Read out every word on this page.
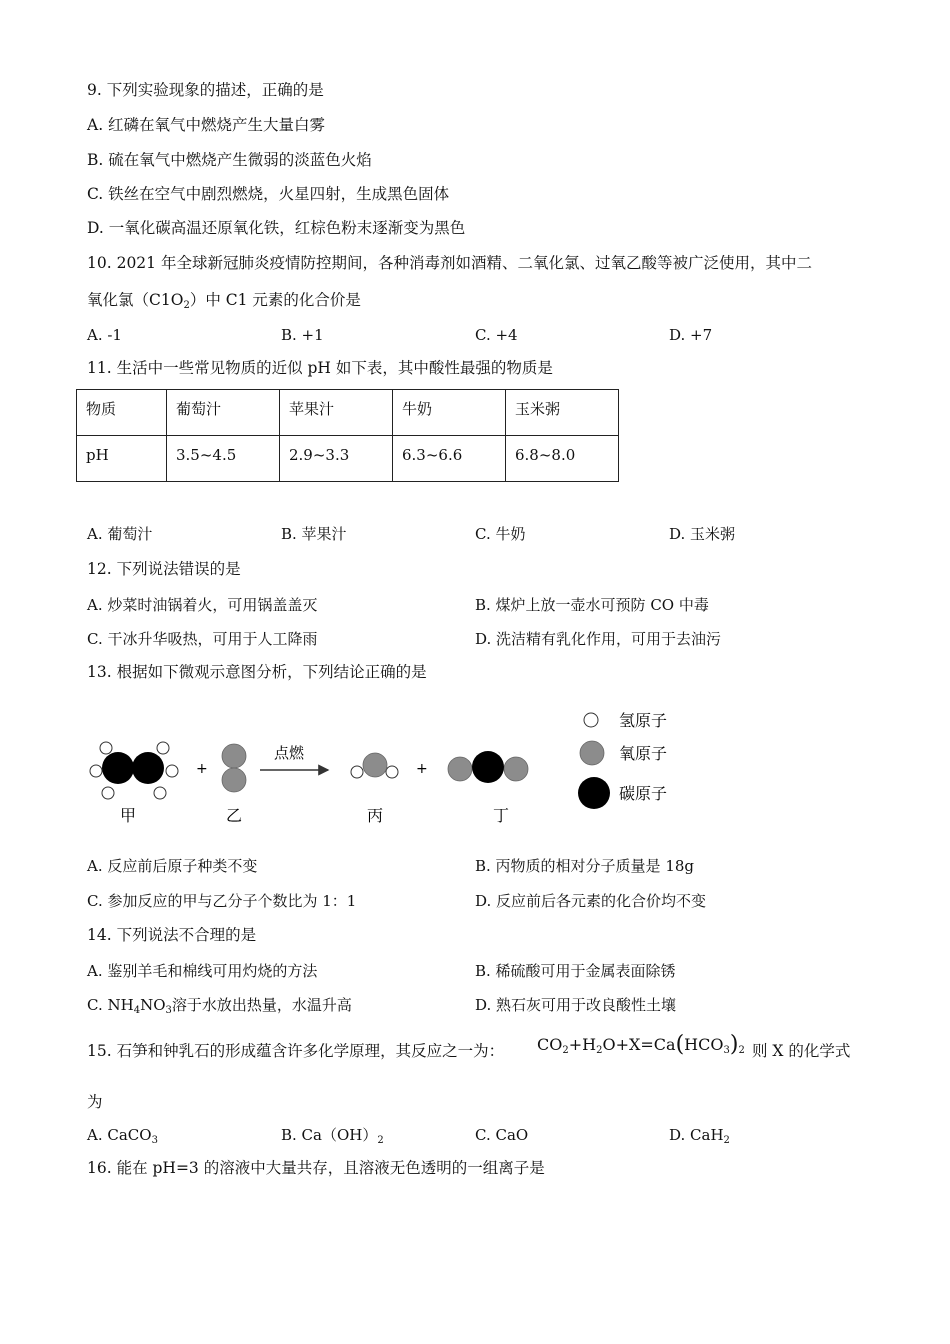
9. 下列实验现象的描述，正确的是
A. 红磷在氧气中燃烧产生大量白雾
B. 硫在氧气中燃烧产生微弱的淡蓝色火焰
C. 铁丝在空气中剧烈燃烧，火星四射，生成黑色固体
D. 一氧化碳高温还原氧化铁，红棕色粉末逐渐变为黑色
10. 2021 年全球新冠肺炎疫情防控期间，各种消毒剂如酒精、二氧化氯、过氧乙酸等被广泛使用，其中二
氧化氯$(C1O_2)$中 C1 元素的化合价是
A. -1	B. +1	C. +4	D. +7
11. 生活中一些常见物质的近似 pH 如下表，其中酸性最强的物质是
物质	葡萄汁	苹果汁	牛奶	玉米粥
pH	3.5~4.5	2.9~3.3	6.3~6.6	6.8~8.0
A. 葡萄汁	B. 苹果汁	C. 牛奶	D. 玉米粥
12. 下列说法错误的是
A. 炒菜时油锅着火，可用锅盖盖灭	B. 煤炉上放一壶水可预防 CO 中毒
C. 干冰升华吸热，可用于人工降雨	D. 洗洁精有乳化作用，可用于去油污
13. 根据如下微观示意图分析，下列结论正确的是
+
点燃
+
甲	乙	丙	丁
氢原子
氧原子
碳原子
A. 反应前后原子种类不变	B. 丙物质的相对分子质量是 18g
C. 参加反应的甲与乙分子个数比为 1：1	D. 反应前后各元素的化合价均不变
14. 下列说法不合理的是
A. 鉴别羊毛和棉线可用灼烧的方法	B. 稀硫酸可用于金属表面除锈
C. $NH_4NO_3$溶于水放出热量，水温升高	D. 熟石灰可用于改良酸性土壤
15. 石笋和钟乳石的形成蕴含许多化学原理，其反应之一为： $CO_2+H_2O+X=Ca(HCO_3)_2$ 则 X 的化学式
为
A. CaCO$_3$	B. $Ca(OH)_2$	C. CaO	D. CaH$_2$
16. 能在 pH=3 的溶液中大量共存，且溶液无色透明的一组离子是
